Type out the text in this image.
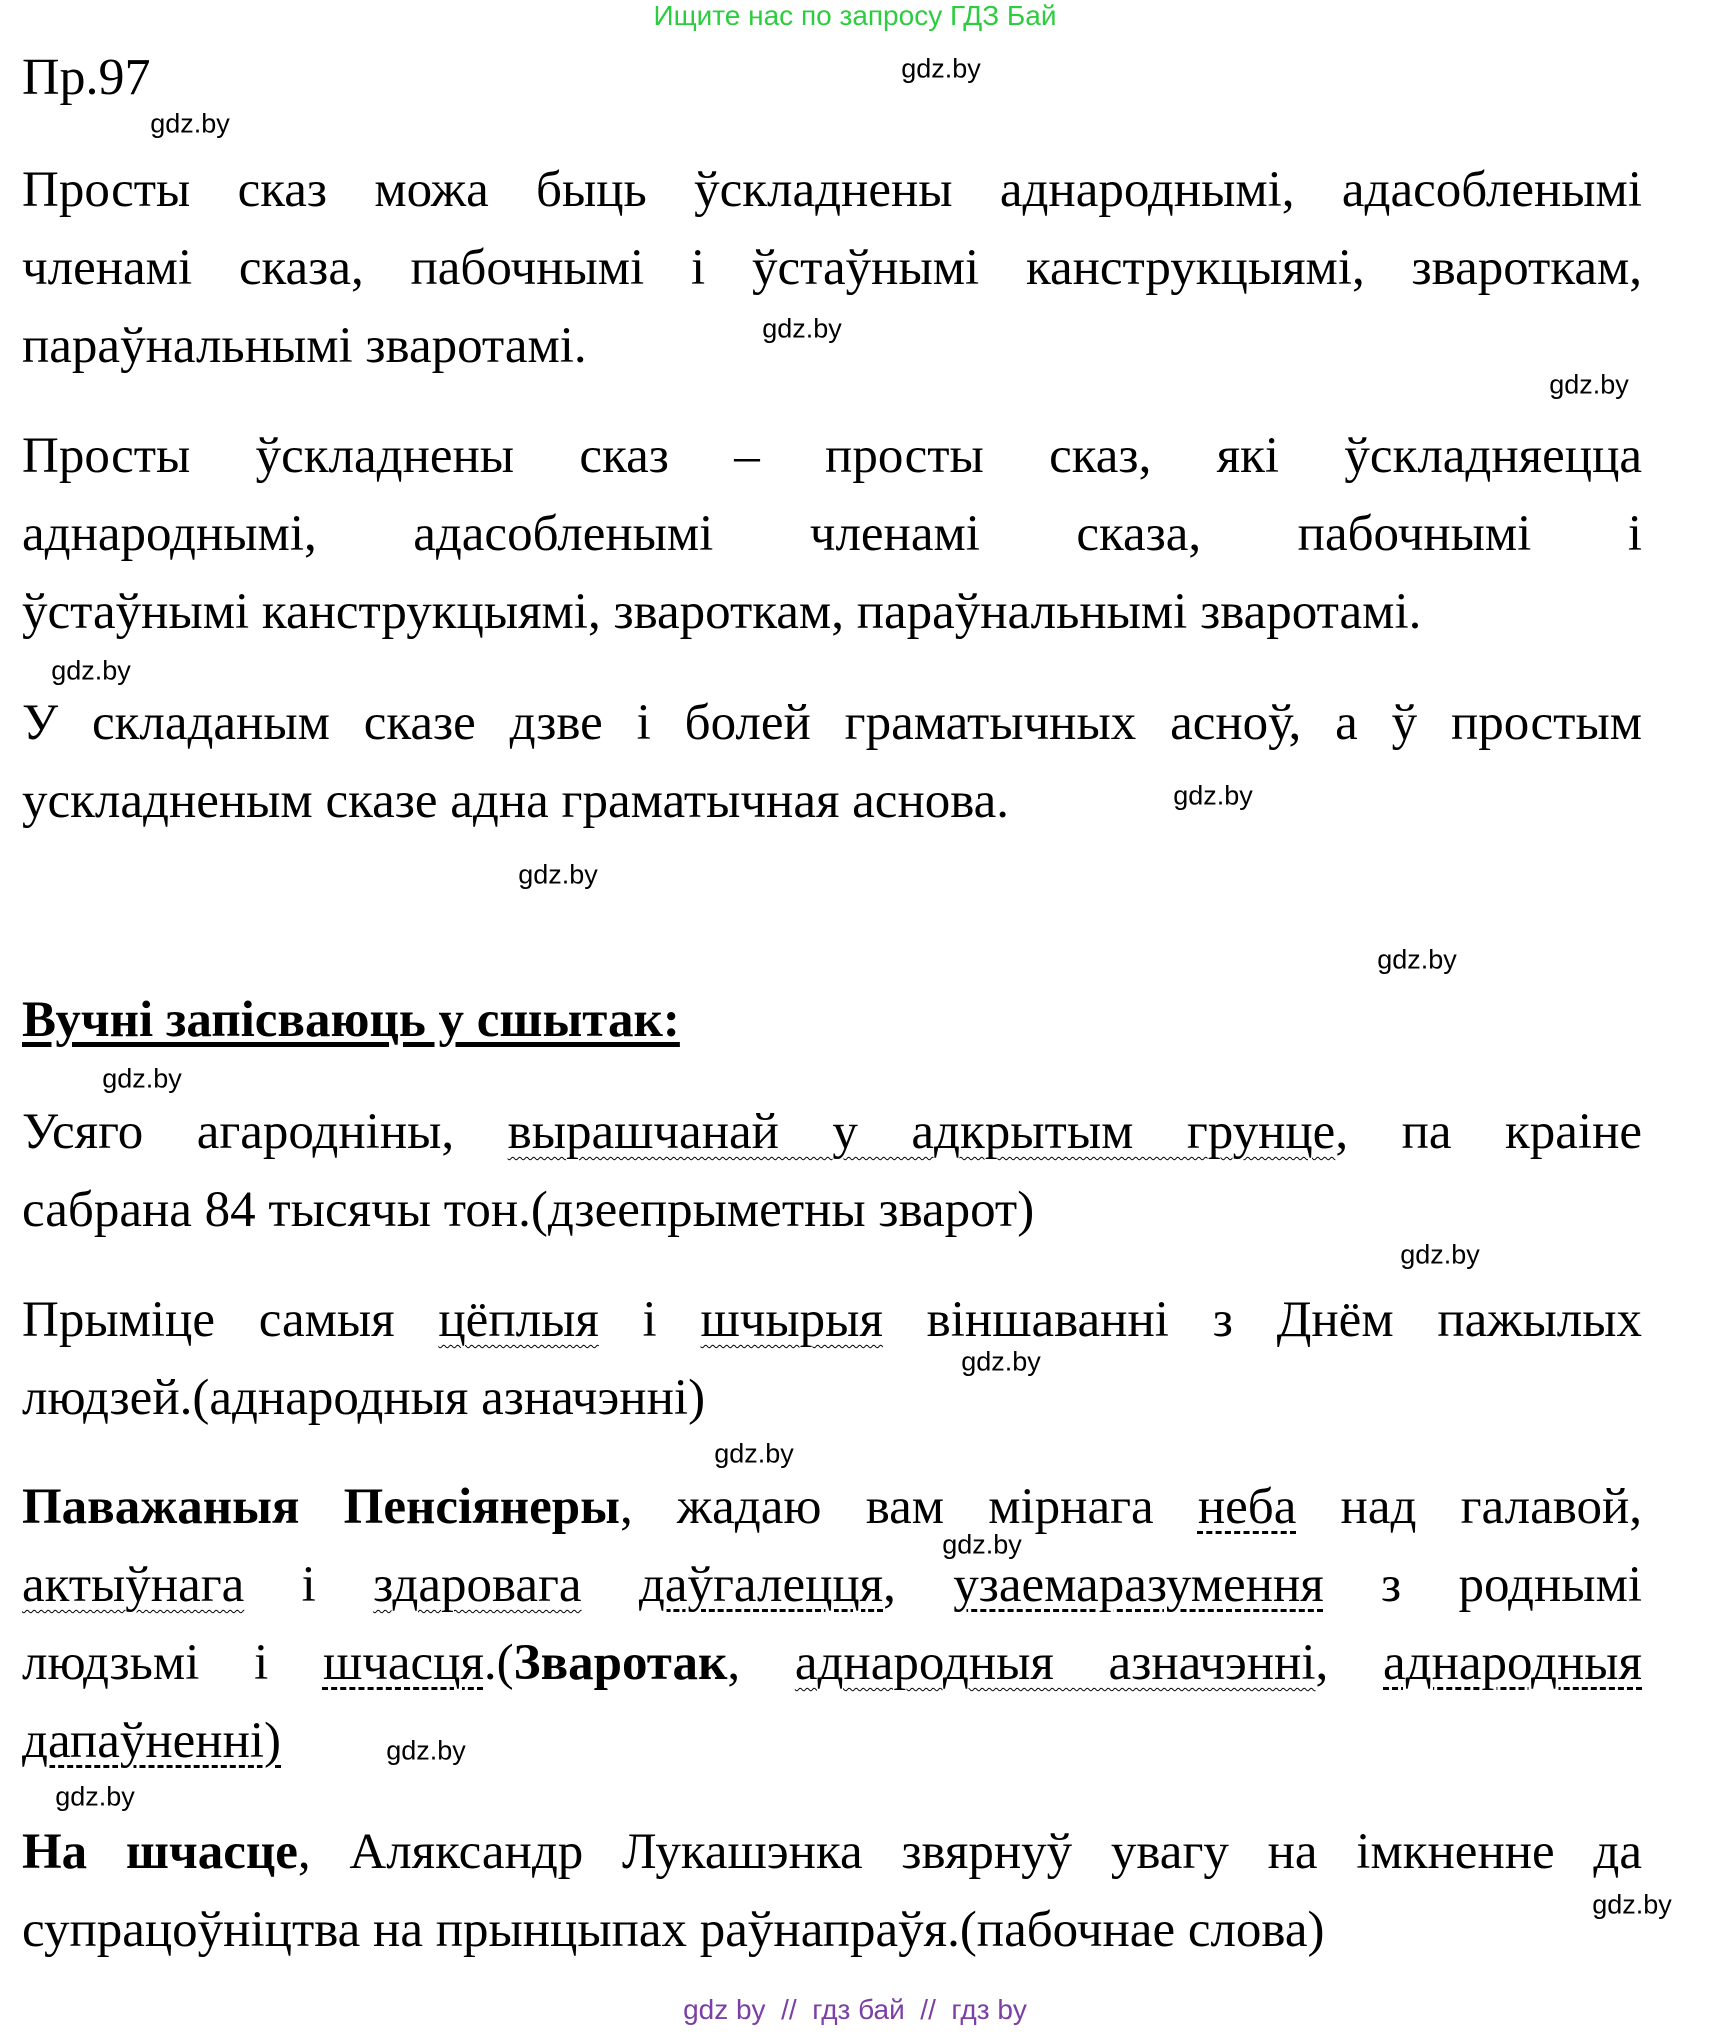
Ищите нас по запросу ГДЗ Бай
Пр.97
Просты сказ можа быць ўскладнены аднароднымі, адасобленымі
членамі сказа, пабочнымі і ўстаўнымі канструкцыямі, звароткам,
параўнальнымі зваротамі.
Просты ўскладнены сказ – просты сказ, які ўскладняецца
аднароднымі, адасобленымі членамі сказа, пабочнымі і
ўстаўнымі канструкцыямі, звароткам, параўнальнымі зваротамі.
У складаным сказе дзве і болей граматычных асноў, а ў простым
ускладненым сказе адна граматычная аснова.
Вучні запісваюць у сшытак:
Усяго агародніны, вырашчанай у адкрытым грунце, па краіне
сабрана 84 тысячы тон.(дзеепрыметны зварот)
Прыміце самыя цёплыя і шчырыя віншаванні з Днём пажылых
людзей.(аднародныя азначэнні)
Паважаныя Пенсіянеры, жадаю вам мірнага неба над галавой,
актыўнага і здаровага даўгалецця, узаемаразумення з роднымі
людзьмі і шчасця.(Зваротак, аднародныя азначэнні, аднародныя
дапаўненні)
На шчасце, Аляксандр Лукашэнка звярнуў увагу на імкненне да
супрацоўніцтва на прынцыпах раўнапраўя.(пабочнае слова)
gdz.by
gdz.by
gdz.by
gdz.by
gdz.by
gdz.by
gdz.by
gdz.by
gdz.by
gdz.by
gdz.by
gdz.by
gdz.by
gdz.by
gdz.by
gdz.by
gdz by  //  гдз бай  //  гдз by
